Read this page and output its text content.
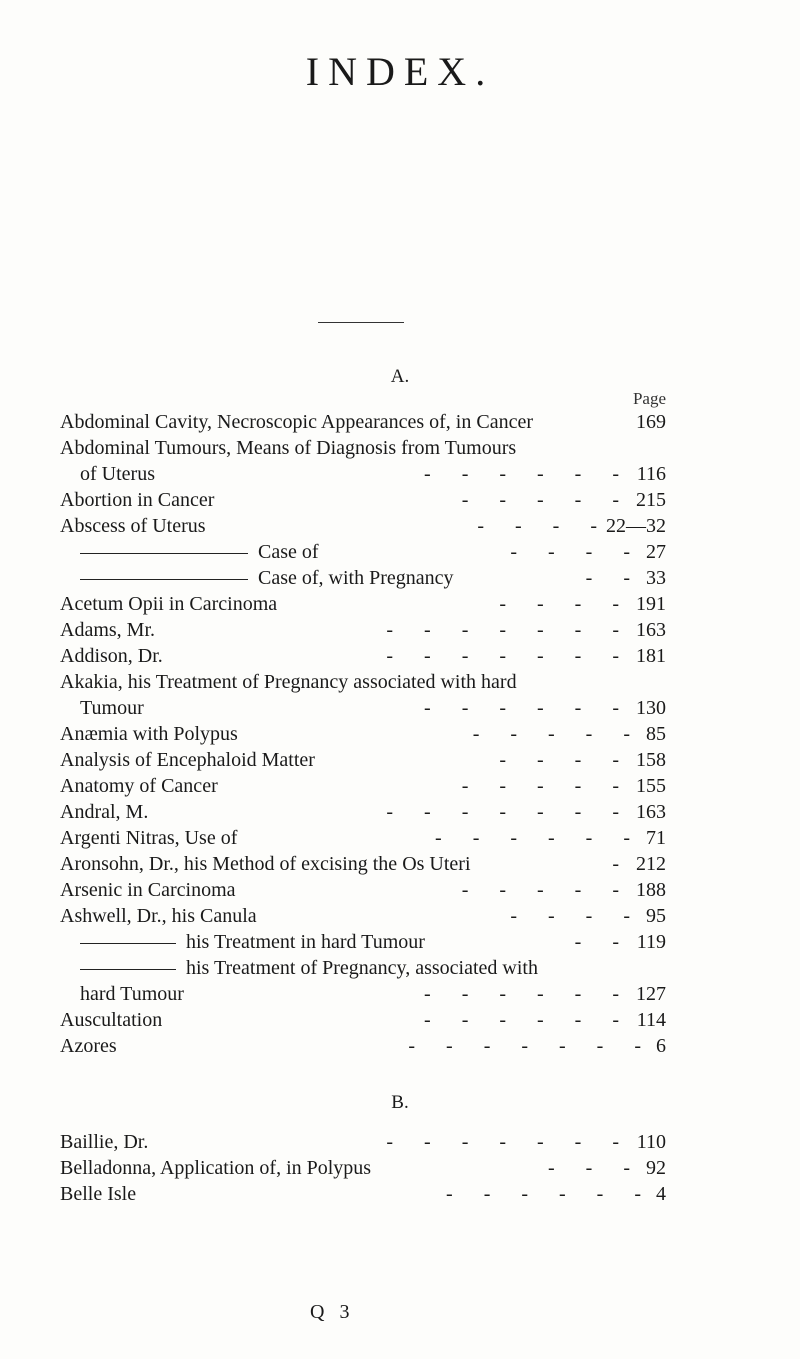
INDEX.
A.
Page
Abdominal Cavity, Necroscopic Appearances of, in Cancer	169
Abdominal Tumours, Means of Diagnosis from Tumours
of Uterus	116
- - - - - -
Abortion in Cancer	215
- - - - -
Abscess of Uterus	22—32
- - - -
Case of	27
- - - -
Case of, with Pregnancy	33
- -
Acetum Opii in Carcinoma	191
- - - -
Adams, Mr.	163
- - - - - - -
Addison, Dr.	181
- - - - - - -
Akakia, his Treatment of Pregnancy associated with hard
Tumour	130
- - - - - -
Anæmia with Polypus	85
- - - - -
Analysis of Encephaloid Matter	158
- - - -
Anatomy of Cancer	155
- - - - -
Andral, M.	163
- - - - - - -
Argenti Nitras, Use of	71
- - - - - -
Aronsohn, Dr., his Method of excising the Os Uteri	212
-
Arsenic in Carcinoma	188
- - - - -
Ashwell, Dr., his Canula	95
- - - -
his Treatment in hard Tumour	119
- -
his Treatment of Pregnancy, associated with
hard Tumour	127
- - - - - -
Auscultation	114
- - - - - -
Azores	6
- - - - - - -
B.
Baillie, Dr.	110
- - - - - - -
Belladonna, Application of, in Polypus	92
- - -
Belle Isle	4
- - - - - -
Q 3
